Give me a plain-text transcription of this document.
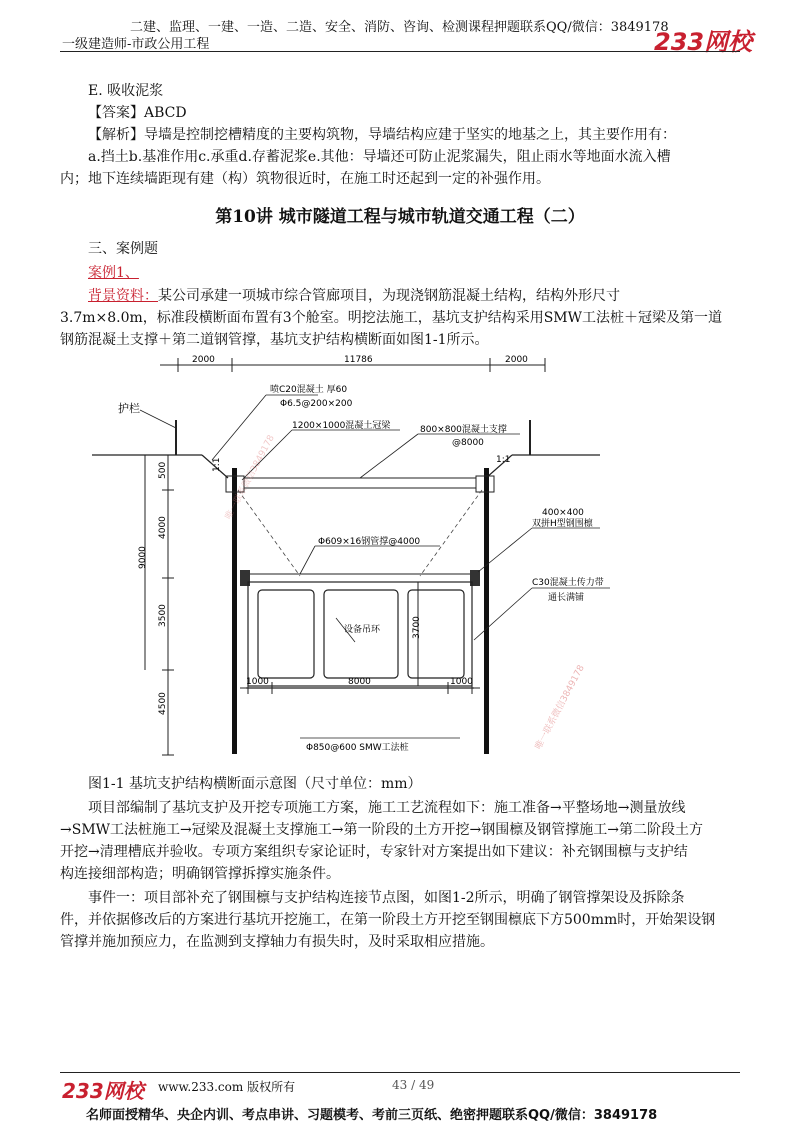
二建、监理、一建、一造、二造、安全、消防、咨询、检测课程押题联系QQ/微信：3849178
一级建造师-市政公用工程	233网校
E. 吸收泥浆
【答案】ABCD
【解析】导墙是控制挖槽精度的主要构筑物，导墙结构应建于坚实的地基之上，其主要作用有：
a.挡土b.基准作用c.承重d.存蓄泥浆e.其他：导墙还可防止泥浆漏失，阻止雨水等地面水流入槽
内；地下连续墙距现有建（构）筑物很近时，在施工时还起到一定的补强作用。
第10讲 城市隧道工程与城市轨道交通工程（二）
三、案例题
案例1、
背景资料：某公司承建一项城市综合管廊项目，为现浇钢筋混凝土结构，结构外形尺寸
3.7m×8.0m，标准段横断面布置有3个舱室。明挖法施工，基坑支护结构采用SMW工法桩＋冠梁及第一道
钢筋混凝土支撑＋第二道钢管撑，基坑支护结构横断面如图1-1所示。
2000	11786	2000
护栏
1:1	1:1
喷C20混凝土 厚60
Φ6.5@200×200
1200×1000混凝土冠梁	800×800混凝土支撑
@8000
Φ609×16钢管撑@4000
400×400
双拼H型钢围檩
C30混凝土传力带
通长满铺
设备吊环
Φ850@600 SMW工法桩
9000
500
4000
3500
4500
3700
1000	8000	1000	唯一联系微信3849178
唯一联系微信3849178
图1-1 基坑支护结构横断面示意图（尺寸单位：mm）
项目部编制了基坑支护及开挖专项施工方案，施工工艺流程如下：施工准备→平整场地→测量放线
→SMW工法桩施工→冠梁及混凝土支撑施工→第一阶段的土方开挖→钢围檩及钢管撑施工→第二阶段土方
开挖→清理槽底并验收。专项方案组织专家论证时，专家针对方案提出如下建议：补充钢围檩与支护结
构连接细部构造；明确钢管撑拆撑实施条件。
事件一：项目部补充了钢围檩与支护结构连接节点图，如图1-2所示，明确了钢管撑架设及拆除条
件，并依据修改后的方案进行基坑开挖施工，在第一阶段土方开挖至钢围檩底下方500mm时，开始架设钢
管撑并施加预应力，在监测到支撑轴力有损失时，及时采取相应措施。
233网校 www.233.com 版权所有	43 / 49
名师面授精华、央企内训、考点串讲、习题模考、考前三页纸、绝密押题联系QQ/微信：3849178
